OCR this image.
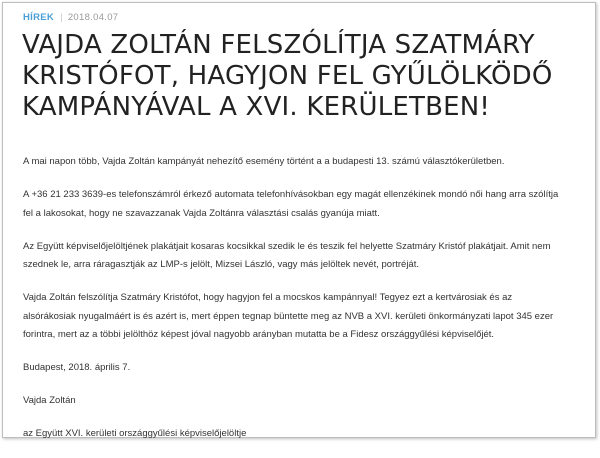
HÍREK | 2018.04.07
VAJDA ZOLTÁN FELSZÓLÍTJA SZATMÁRY
KRISTÓFOT, HAGYJON FEL GYŰLÖLKÖDŐ
KAMPÁNYÁVAL A XVI. KERÜLETBEN!

A mai napon több, Vajda Zoltán kampányát nehezítő esemény történt a a budapesti 13. számú választókerületben.

A +36 21 233 3639-es telefonszámról érkező automata telefonhívásokban egy magát ellenzékinek mondó női hang arra szólítja
fel a lakosokat, hogy ne szavazzanak Vajda Zoltánra választási csalás gyanúja miatt.

Az Együtt képviselőjelöltjének plakátjait kosaras kocsikkal szedik le és teszik fel helyette Szatmáry Kristóf plakátjait. Amit nem
szednek le, arra ráragasztják az LMP-s jelölt, Mizsei László, vagy más jelöltek nevét, portréját.

Vajda Zoltán felszólítja Szatmáry Kristófot, hogy hagyjon fel a mocskos kampánnyal! Tegyez ezt a kertvárosiak és az
alsórákosiak nyugalmáért is és azért is, mert éppen tegnap büntette meg az NVB a XVI. kerületi önkormányzati lapot 345 ezer
forintra, mert az a többi jelölthöz képest jóval nagyobb arányban mutatta be a Fidesz országgyűlési képviselőjét.

Budapest, 2018. április 7.

Vajda Zoltán

az Együtt XVI. kerületi országgyűlési képviselőjelöltje
